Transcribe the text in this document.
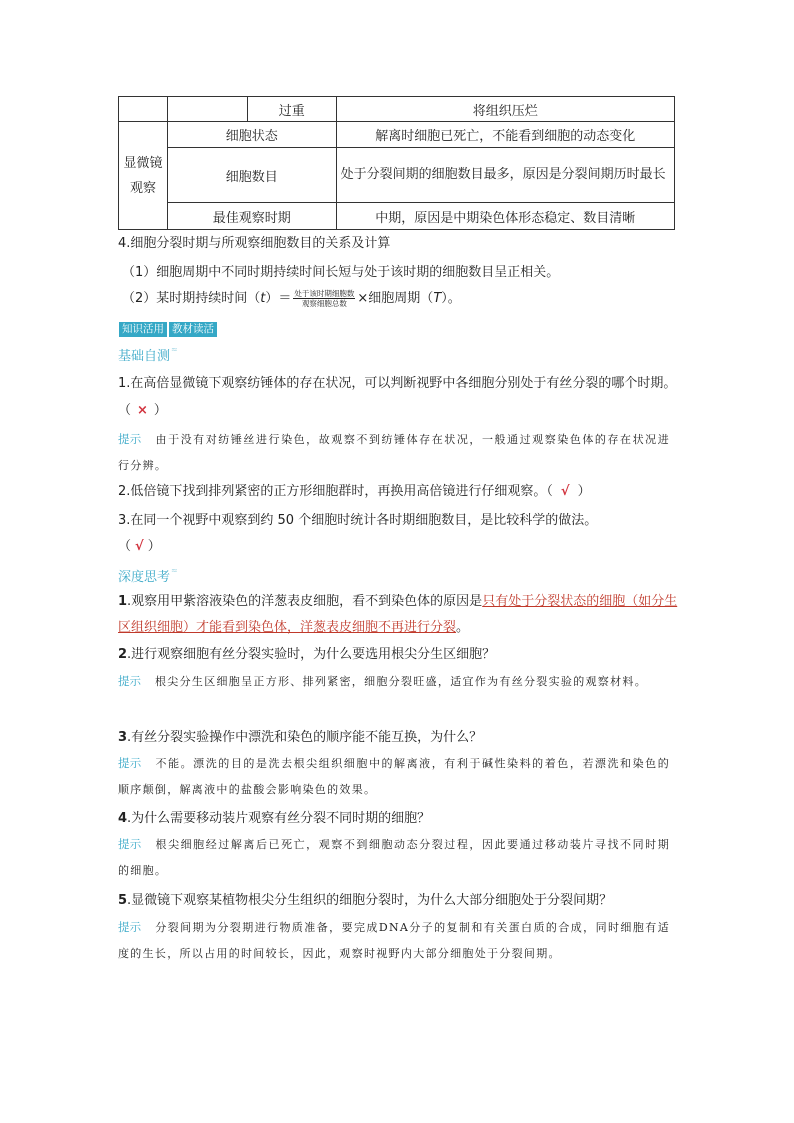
		过重	将组织压烂
显微镜观察	细胞状态		解离时细胞已死亡，不能看到细胞的动态变化
	细胞数目		处于分裂间期的细胞数目最多，原因是分裂间期历时最长
	最佳观察时期		中期，原因是中期染色体形态稳定、数目清晰
4.细胞分裂时期与所观察细胞数目的关系及计算
（1）细胞周期中不同时期持续时间长短与处于该时期的细胞数目呈正相关。
（2）某时期持续时间$(t)= \frac{\text{处于该时期细胞数}}{\text{观察细胞总数}}$ ×细胞周期（T）。
知识活用 教材读活
基础自测≈
1.在高倍显微镜下观察纺锤体的存在状况，可以判断视野中各细胞分别处于有丝分裂的哪个时期。（ × ）
提示 由于没有对纺锤丝进行染色，故观察不到纺锤体存在状况，一般通过观察染色体的存在状况进行分辨。
2.低倍镜下找到排列紧密的正方形细胞群时，再换用高倍镜进行仔细观察。（ √ ）
3.在同一个视野中观察到约 50 个细胞时统计各时期细胞数目，是比较科学的做法。
（ √ ）
深度思考≈
1.观察用甲紫溶液染色的洋葱表皮细胞，看不到染色体的原因是只有处于分裂状态的细胞（如分生区组织细胞）才能看到染色体，洋葱表皮细胞不再进行分裂。
2.进行观察细胞有丝分裂实验时，为什么要选用根尖分生区细胞？
提示 根尖分生区细胞呈正方形、排列紧密，细胞分裂旺盛，适宜作为有丝分裂实验的观察材料。
3.有丝分裂实验操作中漂洗和染色的顺序能不能互换，为什么？
提示 不能。漂洗的目的是洗去根尖组织细胞中的解离液，有利于碱性染料的着色，若漂洗和染色的顺序颠倒，解离液中的盐酸会影响染色的效果。
4.为什么需要移动装片观察有丝分裂不同时期的细胞？
提示 根尖细胞经过解离后已死亡，观察不到细胞动态分裂过程，因此要通过移动装片寻找不同时期的细胞。
5.显微镜下观察某植物根尖分生组织的细胞分裂时，为什么大部分细胞处于分裂间期？
提示 分裂间期为分裂期进行物质准备，要完成DNA分子的复制和有关蛋白质的合成，同时细胞有适度的生长，所以占用的时间较长，因此，观察时视野内大部分细胞处于分裂间期。
